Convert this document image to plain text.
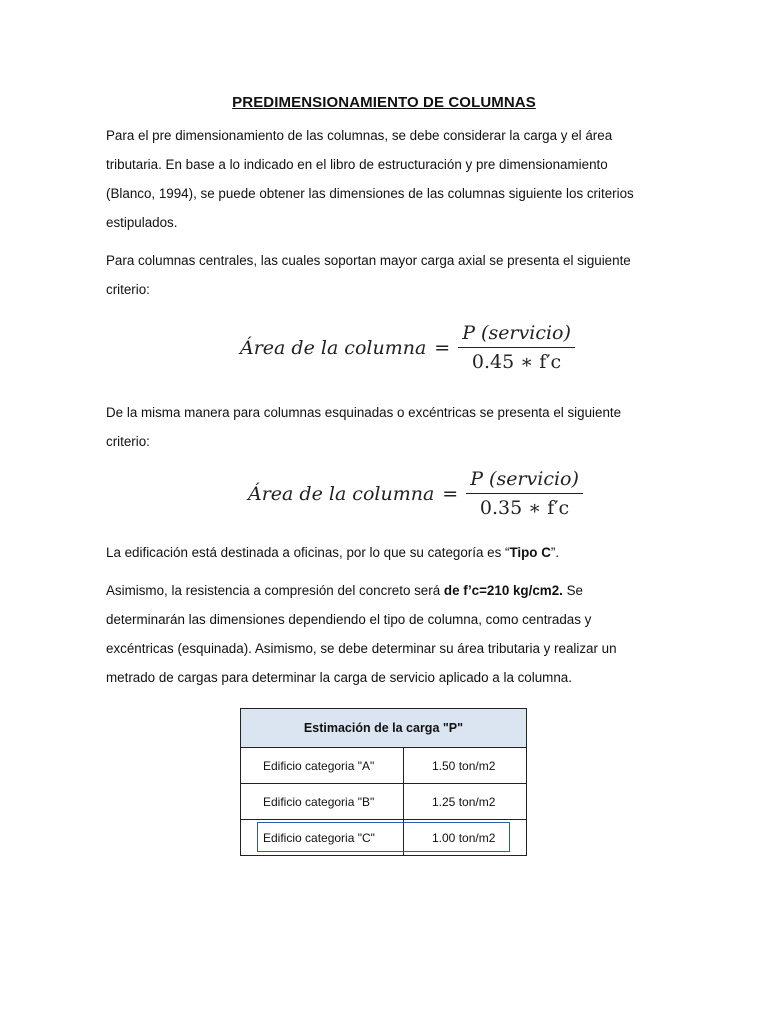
PREDIMENSIONAMIENTO DE COLUMNAS
Para el pre dimensionamiento de las columnas, se debe considerar la carga y el área
tributaria. En base a lo indicado en el libro de estructuración y pre dimensionamiento
(Blanco, 1994), se puede obtener las dimensiones de las columnas siguiente los criterios
estipulados.
Para columnas centrales, las cuales soportan mayor carga axial se presenta el siguiente
criterio:
Área de la columna = $\frac{\text{P (servicio)}}{0.45 ∗ f'c}$
De la misma manera para columnas esquinadas o excéntricas se presenta el siguiente
criterio:
Área de la columna = $\frac{\text{P (servicio)}}{0.35 ∗ f'c}$
La edificación está destinada a oficinas, por lo que su categoría es “Tipo C”.
Asimismo, la resistencia a compresión del concreto será de f’c=210 kg/cm2. Se
determinarán las dimensiones dependiendo el tipo de columna, como centradas y
excéntricas (esquinada). Asimismo, se debe determinar su área tributaria y realizar un
metrado de cargas para determinar la carga de servicio aplicado a la columna.
Estimación de la carga "P"	
Edificio categoria "A"	1.50 ton/m2
Edificio categoria "B"	1.25 ton/m2
Edificio categoria "C"	1.00 ton/m2
